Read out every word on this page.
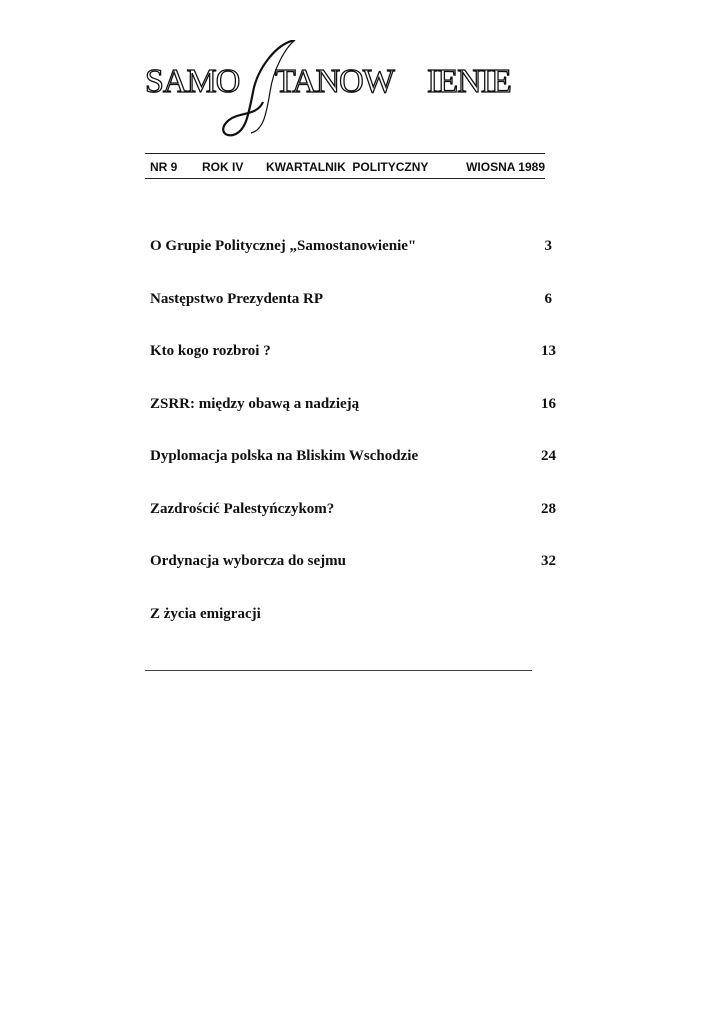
SAMO TANOW IENIE
NR 9 ROK IV KWARTALNIK  POLITYCZNY	WIOSNA 1989
O Grupie Politycznej „Samostanowienie"	3
Następstwo Prezydenta RP	6
Kto kogo rozbroi ?	13
ZSRR: między obawą a nadzieją	16
Dyplomacja polska na Bliskim Wschodzie	24
Zazdrościć Palestyńczykom?	28
Ordynacja wyborcza do sejmu	32
Z życia emigracji
